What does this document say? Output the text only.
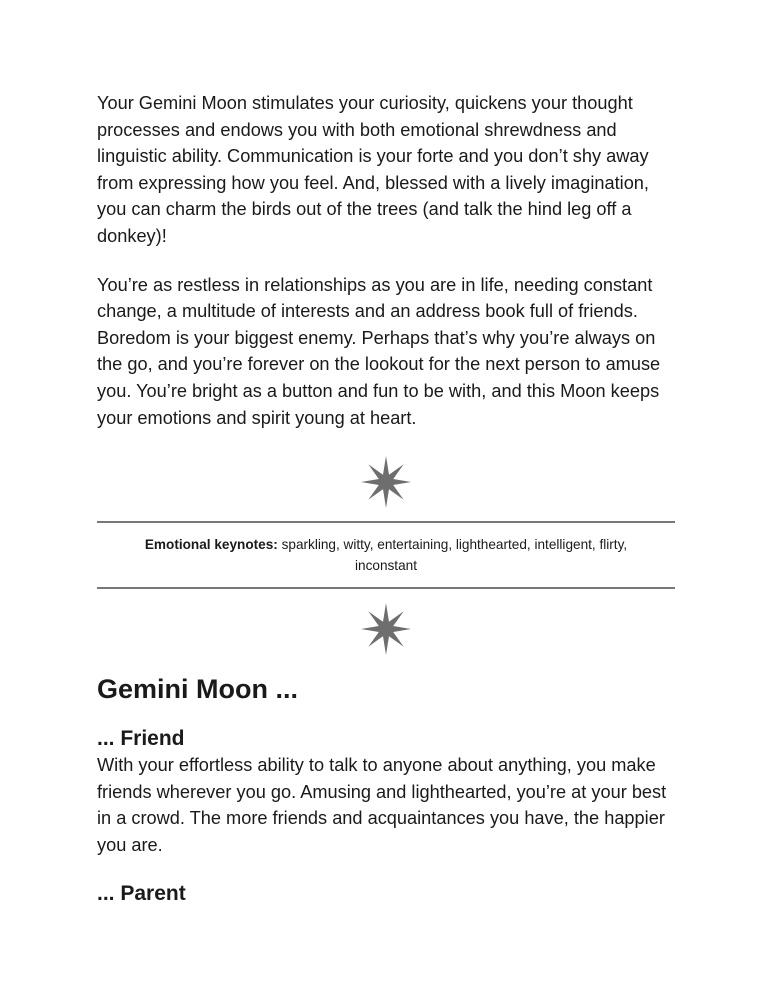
Your Gemini Moon stimulates your curiosity, quickens your thought processes and endows you with both emotional shrewdness and linguistic ability. Communication is your forte and you don’t shy away from expressing how you feel. And, blessed with a lively imagination, you can charm the birds out of the trees (and talk the hind leg off a donkey)!

You’re as restless in relationships as you are in life, needing constant change, a multitude of interests and an address book full of friends. Boredom is your biggest enemy. Perhaps that’s why you’re always on the go, and you’re forever on the lookout for the next person to amuse you. You’re bright as a button and fun to be with, and this Moon keeps your emotions and spirit young at heart.

Emotional keynotes: sparkling, witty, entertaining, lighthearted, intelligent, flirty, inconstant
Gemini Moon ...
... Friend

With your effortless ability to talk to anyone about anything, you make friends wherever you go. Amusing and lighthearted, you’re at your best in a crowd. The more friends and acquaintances you have, the happier you are.

... Parent
